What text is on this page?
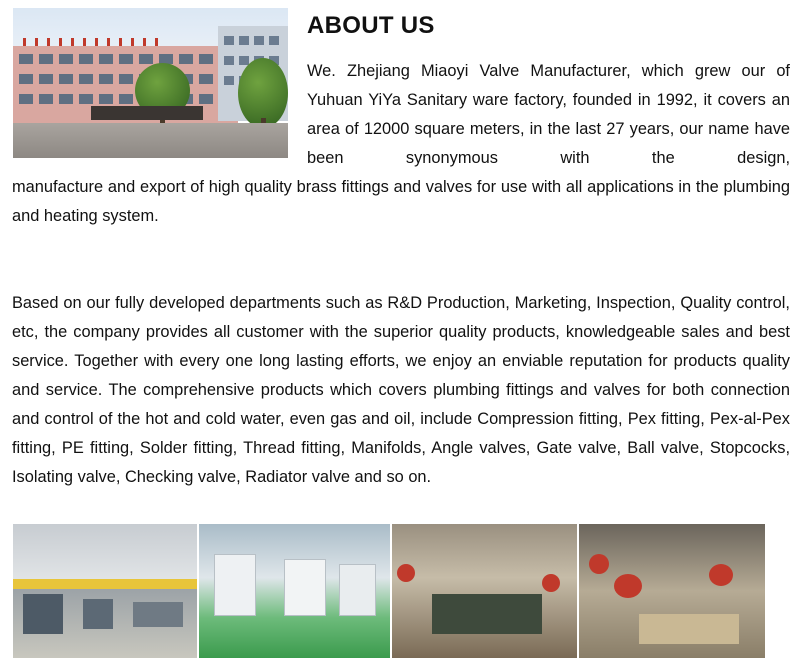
ABOUT US

We. Zhejiang Miaoyi Valve Manufacturer, which grew our of Yuhuan YiYa Sanitary ware factory, founded in 1992, it covers an area of 12000 square meters, in the last 27 years, our name have been synonymous with the design,

manufacture and export of high quality brass fittings and valves for use with all applications in the plumbing and heating system.

Based on our fully developed departments such as R&D Production, Marketing, Inspection, Quality control, etc, the company provides all customer with the superior quality products, knowledgeable sales and best service. Together with every one long lasting efforts, we enjoy an enviable reputation for products quality and service. The comprehensive products which covers plumbing fittings and valves for both connection and control of the hot and cold water, even gas and oil, include Compression fitting, Pex fitting, Pex-al-Pex fitting, PE fitting, Solder fitting, Thread fitting, Manifolds, Angle valves, Gate valve, Ball valve, Stopcocks, Isolating valve, Checking valve, Radiator valve and so on.
